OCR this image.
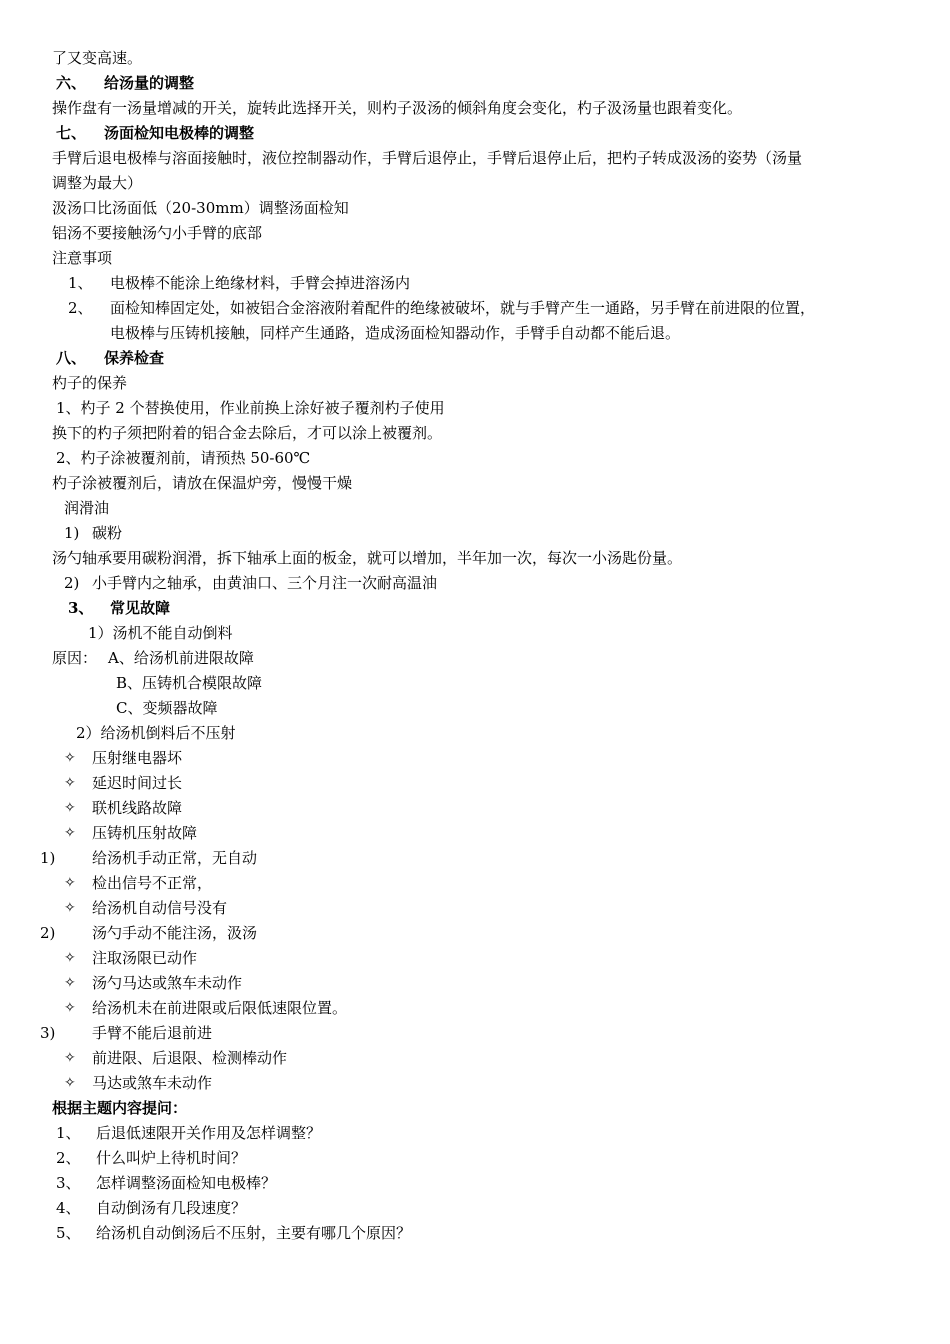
了又变高速。
六、 给汤量的调整
操作盘有一汤量增减的开关，旋转此选择开关，则杓子汲汤的倾斜角度会变化，杓子汲汤量也跟着变化。
七、 汤面检知电极棒的调整
手臂后退电极棒与溶面接触时，液位控制器动作，手臂后退停止，手臂后退停止后，把杓子转成汲汤的姿势（汤量
调整为最大）
汲汤口比汤面低（20-30mm）调整汤面检知
铝汤不要接触汤勺小手臂的底部
注意事项
1、 电极棒不能涂上绝缘材料，手臂会掉进溶汤内
2、 面检知棒固定处，如被铝合金溶液附着配件的绝缘被破坏，就与手臂产生一通路，另手臂在前进限的位置，
电极棒与压铸机接触，同样产生通路，造成汤面检知器动作，手臂手自动都不能后退。
八、 保养检查
杓子的保养
1、杓子 2 个替换使用，作业前换上涂好被子覆剂杓子使用
换下的杓子须把附着的铝合金去除后，才可以涂上被覆剂。
2、杓子涂被覆剂前，请预热 50-60℃
杓子涂被覆剂后，请放在保温炉旁，慢慢干燥
润滑油
1) 碳粉
汤勺轴承要用碳粉润滑，拆下轴承上面的板金，就可以增加，半年加一次，每次一小汤匙份量。
2) 小手臂内之轴承，由黄油口、三个月注一次耐高温油
3、 常见故障
1）汤机不能自动倒料
原因： A、给汤机前进限故障
B、压铸机合模限故障
C、变频器故障
2）给汤机倒料后不压射
✧ 压射继电器坏
✧ 延迟时间过长
✧ 联机线路故障
✧ 压铸机压射故障
1) 给汤机手动正常，无自动
✧ 检出信号不正常，
✧ 给汤机自动信号没有
2) 汤勺手动不能注汤，汲汤
✧ 注取汤限已动作
✧ 汤勺马达或煞车未动作
✧ 给汤机未在前进限或后限低速限位置。
3) 手臂不能后退前进
✧ 前进限、后退限、检测棒动作
✧ 马达或煞车未动作
根据主题内容提问：
1、 后退低速限开关作用及怎样调整？
2、 什么叫炉上待机时间？
3、 怎样调整汤面检知电极棒？
4、 自动倒汤有几段速度？
5、 给汤机自动倒汤后不压射，主要有哪几个原因？
